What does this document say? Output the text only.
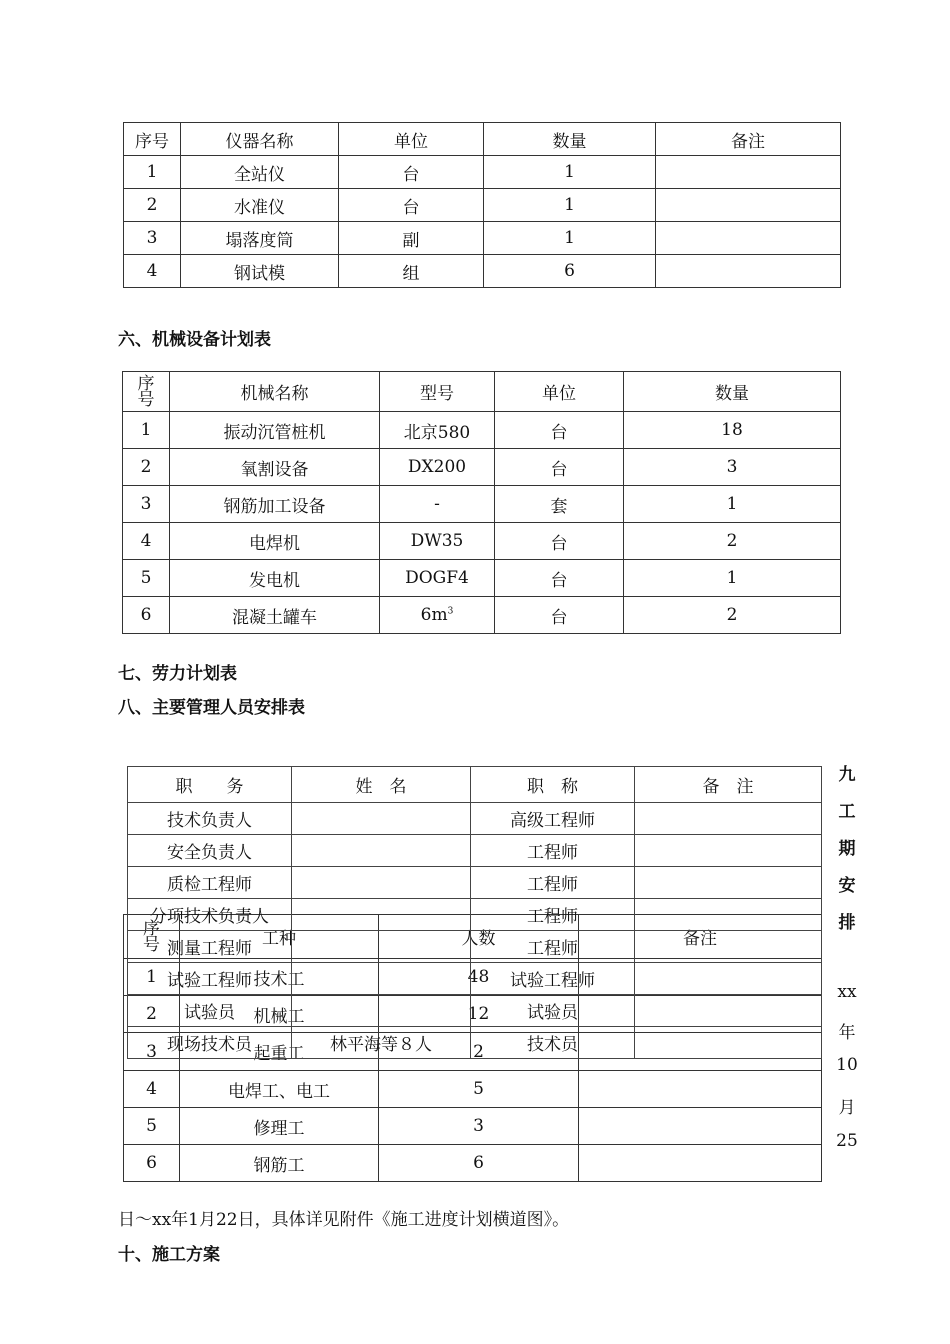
序号	仪器名称	单位	数量	备注
1	全站仪	台	1	
2	水准仪	台	1	
3	塌落度筒	副	1	
4	钢试模	组	6	
六、机械设备计划表
序号	机械名称	型号	单位	数量
1	振动沉管桩机	北京580	台	18
2	氧割设备	DX200	台	3
3	钢筋加工设备	-	套	1
4	电焊机	DW35	台	2
5	发电机	DOGF4	台	1
6	混凝土罐车	$6m^3$	台	2
七、劳力计划表
八、主要管理人员安排表
序号	工种	人数	备注
1	技术工	48	
2	机械工	12	
3	起重工	2	
4	电焊工、电工	5	
5	修理工	3	
6	钢筋工	6	
职　　务	姓　名	职　称	备　注
技术负责人		高级工程师	
安全负责人		工程师	
质检工程师		工程师	
分项技术负责人		工程师	
测量工程师		工程师	
试验工程师		试验工程师	
试验员		试验员	
现场技术员	林平海等８人	技术员	
九
工
期
安
排
xx
年
10
月
25
日～xx年1月22日，具体详见附件《施工进度计划横道图》。
十、施工方案
